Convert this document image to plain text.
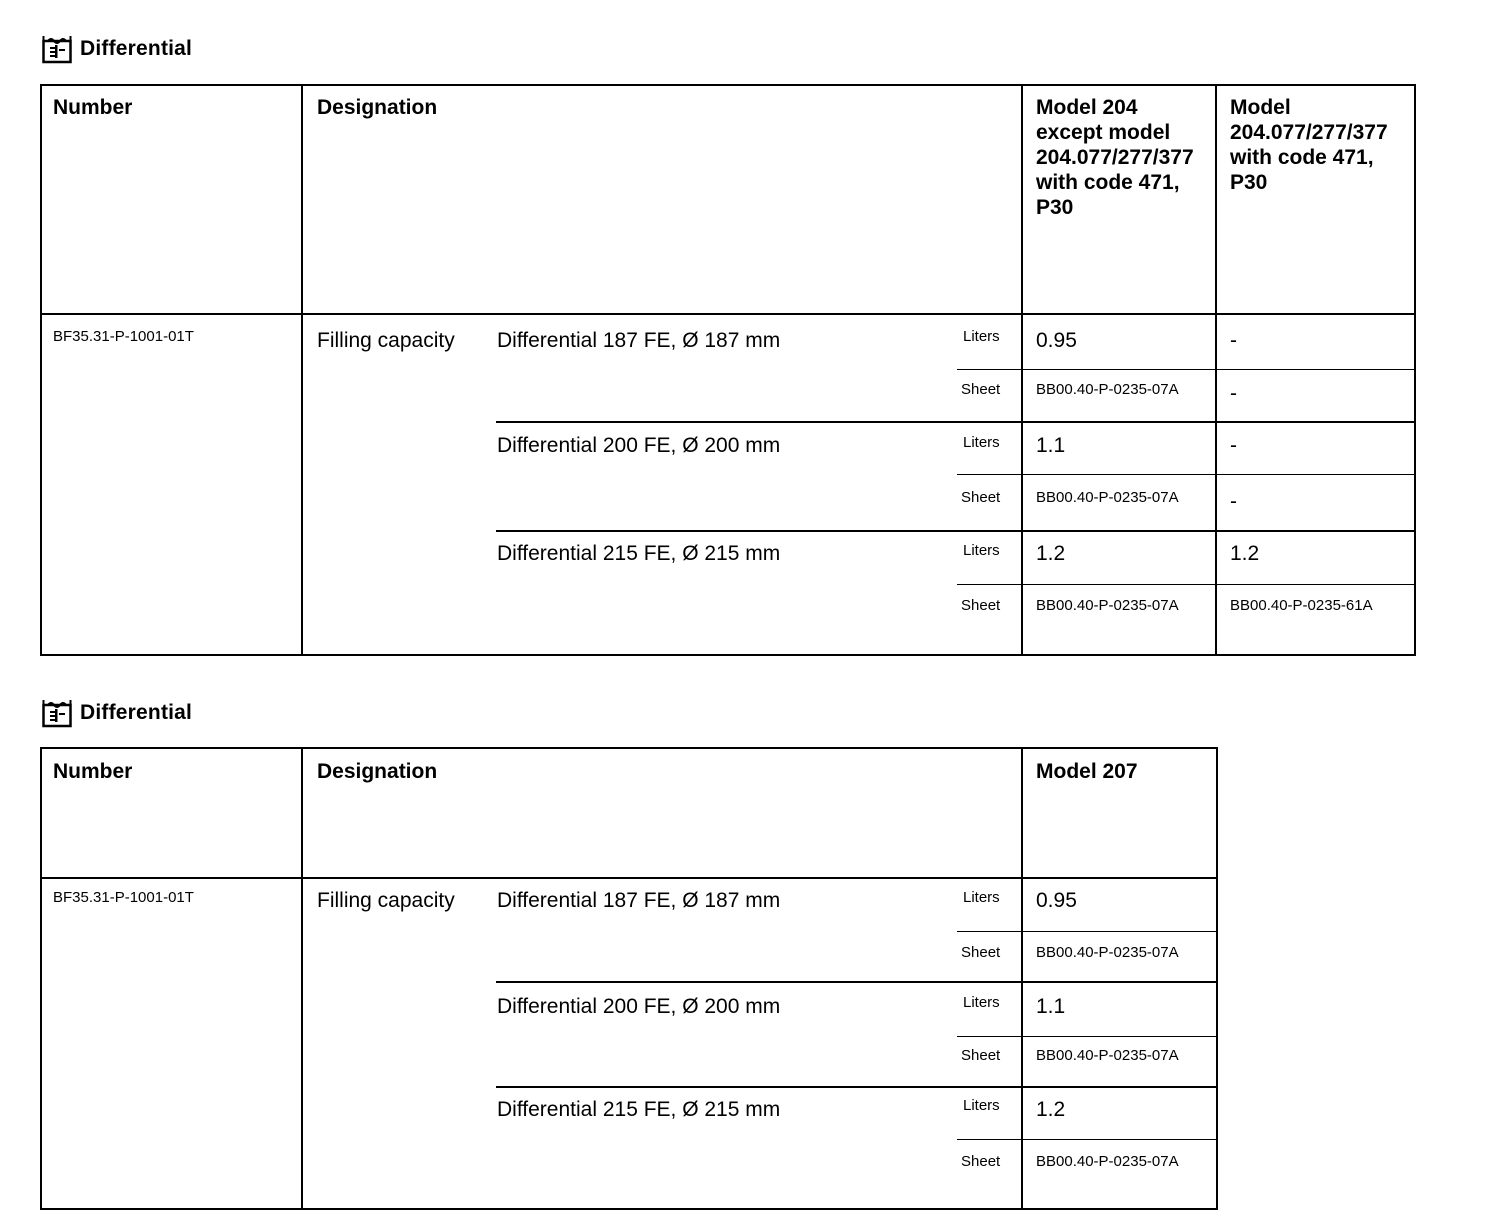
Differential
Number	Designation	Model 204
except model
204.077/277/377
with code 471,
P30
Model
204.077/277/377
with code 471,
P30
BF35.31-P-1001-01T	Filling capacity Differential 187 FE, Ø 187 mm	Liters 0.95	-
Sheet BB00.40-P-0235-07A -
Differential 200 FE, Ø 200 mm	Liters 1.1	-
Sheet BB00.40-P-0235-07A -
Differential 215 FE, Ø 215 mm	Liters 1.2	1.2
Sheet BB00.40-P-0235-07A	BB00.40-P-0235-61A
Differential
Number	Designation	Model 207
BF35.31-P-1001-01T	Filling capacity Differential 187 FE, Ø 187 mm	Liters 0.95
Sheet BB00.40-P-0235-07A
Differential 200 FE, Ø 200 mm	Liters 1.1
Sheet BB00.40-P-0235-07A
Differential 215 FE, Ø 215 mm	Liters 1.2
Sheet BB00.40-P-0235-07A
